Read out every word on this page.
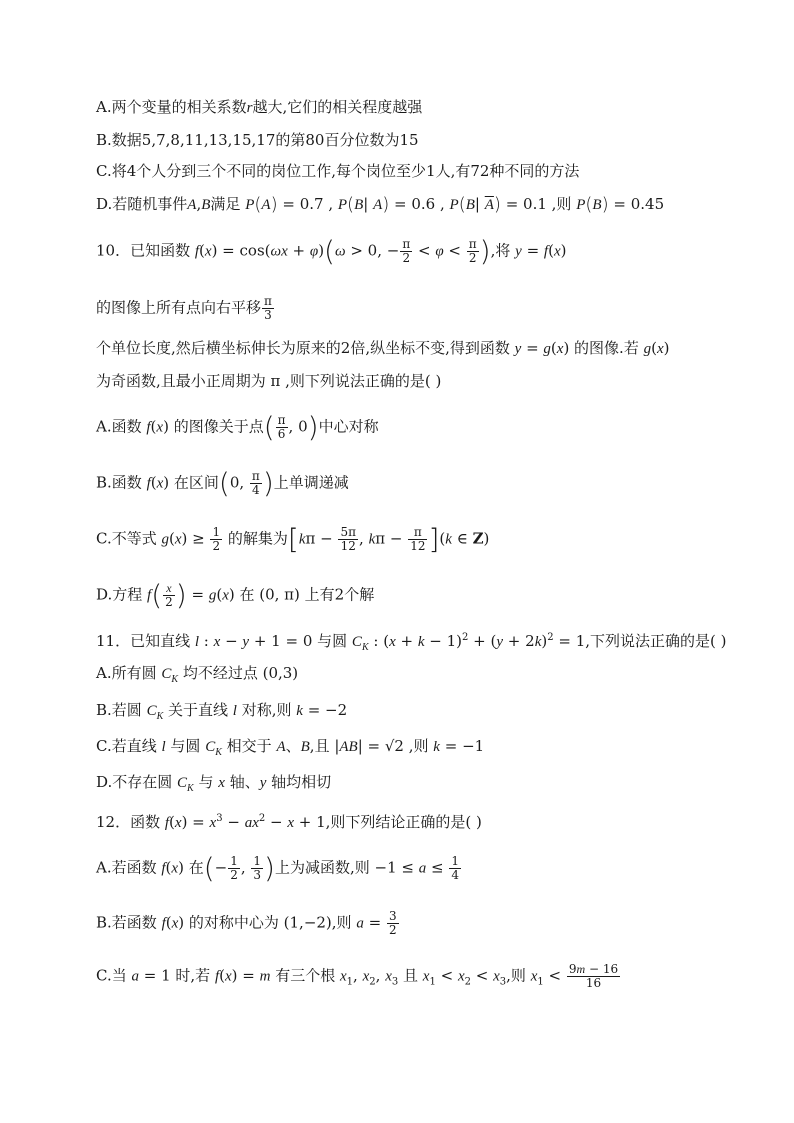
A.两个变量的相关系数r越大,它们的相关程度越强
B.数据5,7,8,11,13,15,17的第80百分位数为15
C.将4个人分到三个不同的岗位工作,每个岗位至少1人,有72种不同的方法
D.若随机事件A,B满足 P(A) = 0.7 , P(B| A) = 0.6 , P(B| $\overline{A}) = 0.1$ ,则 P(B) = 0.45
10．已知函数 f(x) = cos(ωx + φ)(ω > 0, − $\frac{\pi}{2} < \varphi < \frac{\pi}{2}$ ),将 y = f(x)
的图像上所有点向右平移 $\frac{\pi}{3}$
个单位长度,然后横坐标伸长为原来的2倍,纵坐标不变,得到函数 y = g(x) 的图像.若 g(x)
为奇函数,且最小正周期为 π ,则下列说法正确的是( )
A.函数 f(x) 的图像关于点( $\frac{\pi}{6}$ , 0)中心对称
B.函数 f(x) 在区间(0, $\frac{\pi}{4}$ )上单调递减
C.不等式 $g(x) \ge \frac{1}{2}$ 的解集为[$k\pi - \frac{5\pi}{12}$ , $k\pi - \frac{\pi}{12} ](k$ ∈ Z)
D.方程 $f( \frac{x}{2}$ ) = g(x) 在 (0, π) 上有2个解
11．已知直线 l : x − y + 1 = 0 与圆 $C_K$ : $(x + k - 1)^2 + (y + 2k)^2 = 1$,下列说法正确的是( )
A.所有圆 $C_K$ 均不经过点 (0,3)
B.若圆 $C_K$ 关于直线 l 对称,则 k = −2
C.若直线 l 与圆 $C_K$ 相交于 A、B,且 |AB| = √2 ,则 k = −1
D.不存在圆 $C_K$ 与 x 轴、y 轴均相切
12．函数 $f(x) = x^3 - ax^2 - x + 1$,则下列结论正确的是( )
A.若函数 f(x) 在(− $\frac{1}{2}$ , $\frac{1}{3}$ )上为减函数,则 $-1 \le a \le \frac{1}{4}$
B.若函数 f(x) 的对称中心为 (1,−2),则 $a = \frac{3}{2}$
C.当 a = 1 时,若 f(x) = m 有三个根 $x_1$, $x_2$, $x_3$ 且 $x_1 < x_2 < x_3$,则 $x_1 < \frac{9m - 16}{16}$
